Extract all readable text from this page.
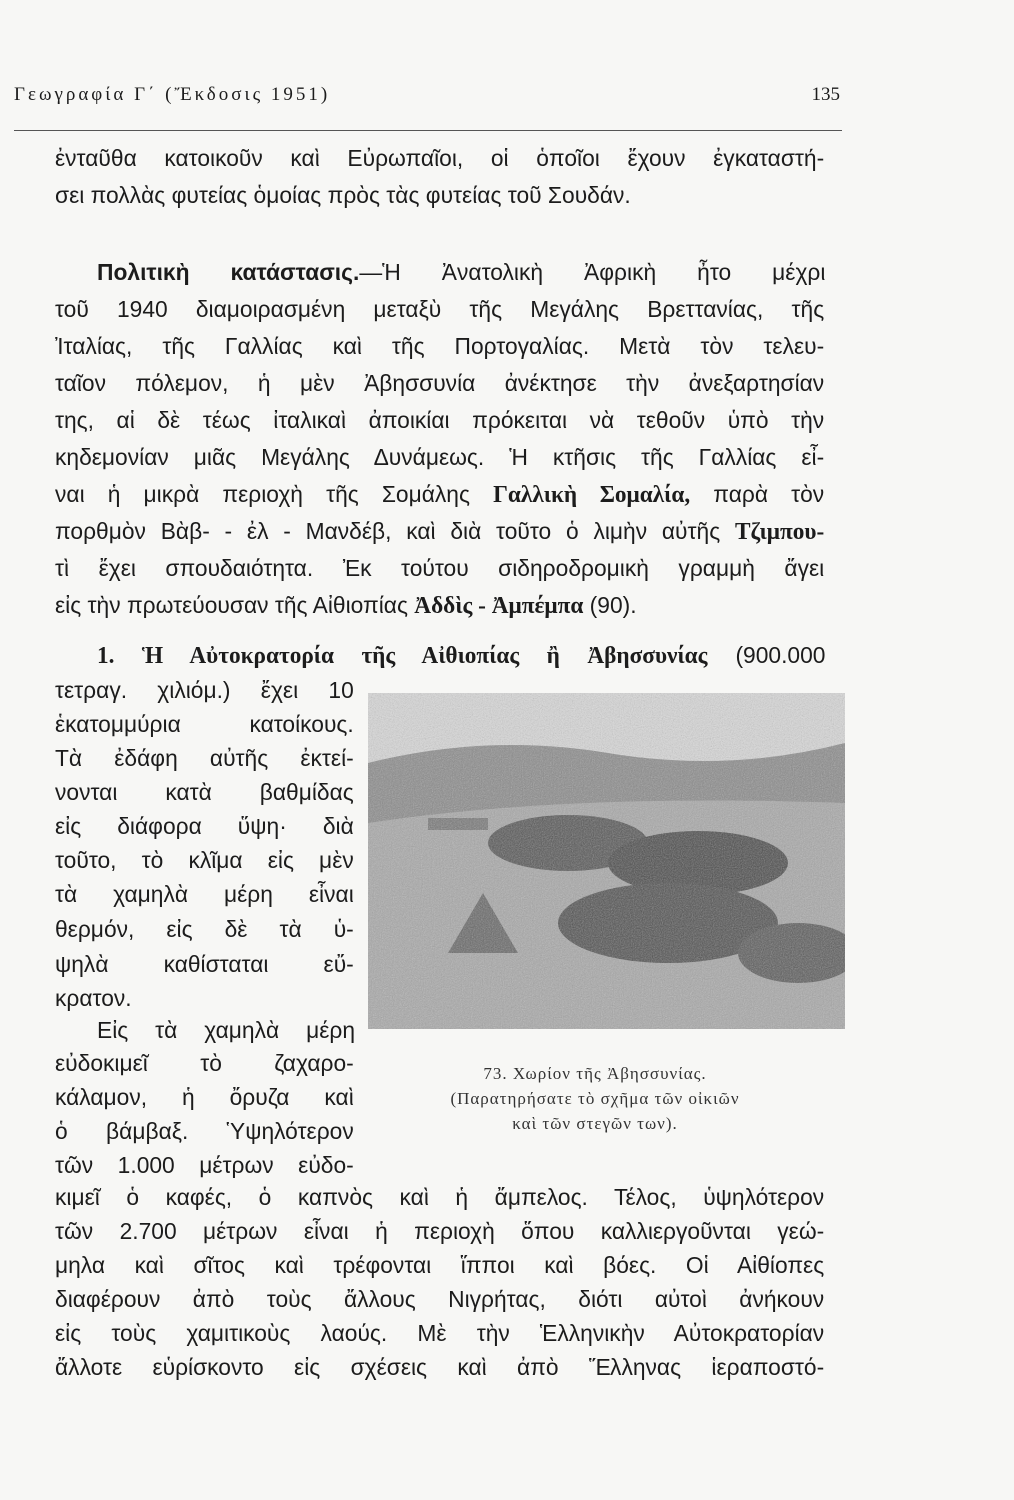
Γεωγραφία Γ΄ (Ἔκδοσις 1951)	135
ἐνταῦθα κατοικοῦν καὶ Εὐρωπαῖοι, οἱ ὁποῖοι ἔχουν ἐγκαταστή-
σει πολλὰς φυτείας ὁμοίας πρὸς τὰς φυτείας τοῦ Σουδάν.
Πολιτικὴ κατάστασις.—Ἡ Ἀνατολικὴ Ἀφρικὴ ἦτο μέχρι
τοῦ 1940 διαμοιρασμένη μεταξὺ τῆς Μεγάλης Βρεττανίας, τῆς
Ἰταλίας, τῆς Γαλλίας καὶ τῆς Πορτογαλίας. Μετὰ τὸν τελευ-
ταῖον πόλεμον, ἡ μὲν Ἀβησσυνία ἀνέκτησε τὴν ἀνεξαρτησίαν
της, αἱ δὲ τέως ἰταλικαὶ ἀποικίαι πρόκειται νὰ τεθοῦν ὑπὸ τὴν
κηδεμονίαν μιᾶς Μεγάλης Δυνάμεως. Ἡ κτῆσις τῆς Γαλλίας εἶ-
ναι ἡ μικρὰ περιοχὴ τῆς Σομάλης Γαλλικὴ Σομαλία, παρὰ τὸν
πορθμὸν Βὰβ- - ἐλ - Μανδέβ, καὶ διὰ τοῦτο ὁ λιμὴν αὐτῆς Τζιμπου-
τὶ ἔχει σπουδαιότητα. Ἐκ τούτου σιδηροδρομικὴ γραμμὴ ἄγει
εἰς τὴν πρωτεύουσαν τῆς Αἰθιοπίας Ἀδδὶς - Ἀμπέμπα (90).
1. Ἡ Αὐτοκρατορία τῆς Αἰθιοπίας ἢ Ἀβησσυνίας (900.000
τετραγ. χιλιόμ.) ἔχει 10
ἑκατομμύρια κατοίκους.
Τὰ ἐδάφη αὐτῆς ἐκτεί-
νονται κατὰ βαθμίδας
εἰς διάφορα ὕψη· διὰ
τοῦτο, τὸ κλῖμα εἰς μὲν
τὰ χαμηλὰ μέρη εἶναι
θερμόν, εἰς δὲ τὰ ὑ-
ψηλὰ καθίσταται εὔ-
κρατον.
Εἰς τὰ χαμηλὰ μέρη
εὐδοκιμεῖ τὸ ζαχαρο-
κάλαμον, ἡ ὄρυζα καὶ
ὁ βάμβαξ. Ὑψηλότερον
τῶν 1.000 μέτρων εὐδο-
κιμεῖ ὁ καφές, ὁ καπνὸς καὶ ἡ ἄμπελος. Τέλος, ὑψηλότερον
τῶν 2.700 μέτρων εἶναι ἡ περιοχὴ ὅπου καλλιεργοῦνται γεώ-
μηλα καὶ σῖτος καὶ τρέφονται ἵπποι καὶ βόες. Οἱ Αἰθίοπες
διαφέρουν ἀπὸ τοὺς ἄλλους Νιγρήτας, διότι αὐτοὶ ἀνήκουν
εἰς τοὺς χαμιτικοὺς λαούς. Μὲ τὴν Ἑλληνικὴν Αὐτοκρατορίαν
ἄλλοτε εὑρίσκοντο εἰς σχέσεις καὶ ἀπὸ Ἕλληνας ἱεραποστό-
73. Χωρίον τῆς Ἀβησσυνίας.
(Παρατηρήσατε τὸ σχῆμα τῶν οἰκιῶν
καὶ τῶν στεγῶν των).
